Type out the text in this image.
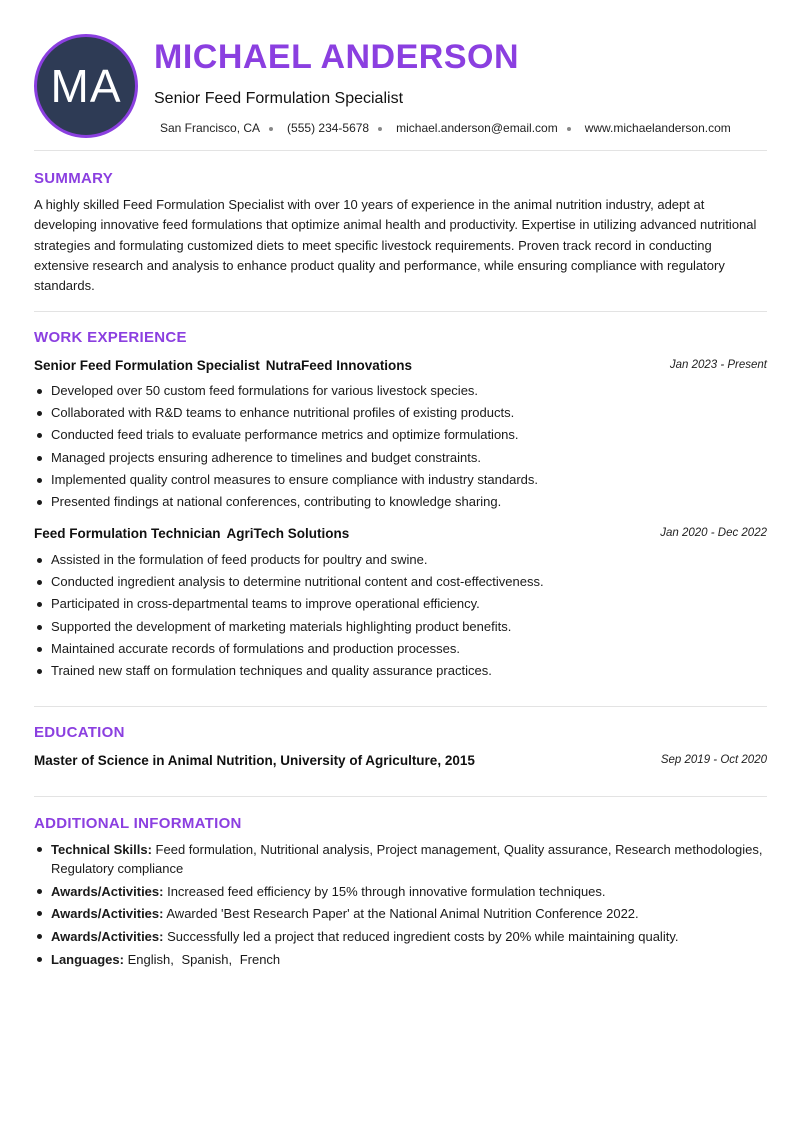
MA
MICHAEL ANDERSON
Senior Feed Formulation Specialist
San Francisco, CA (555) 234-5678 michael.anderson@email.com www.michaelanderson.com
SUMMARY
A highly skilled Feed Formulation Specialist with over 10 years of experience in the animal nutrition industry, adept at developing innovative feed formulations that optimize animal health and productivity. Expertise in utilizing advanced nutritional strategies and formulating customized diets to meet specific livestock requirements. Proven track record in conducting extensive research and analysis to enhance product quality and performance, while ensuring compliance with regulatory standards.
WORK EXPERIENCE
Senior Feed Formulation Specialist NutraFeed Innovations	Jan 2023 - Present
Developed over 50 custom feed formulations for various livestock species.
Collaborated with R&D teams to enhance nutritional profiles of existing products.
Conducted feed trials to evaluate performance metrics and optimize formulations.
Managed projects ensuring adherence to timelines and budget constraints.
Implemented quality control measures to ensure compliance with industry standards.
Presented findings at national conferences, contributing to knowledge sharing.
Feed Formulation Technician AgriTech Solutions	Jan 2020 - Dec 2022
Assisted in the formulation of feed products for poultry and swine.
Conducted ingredient analysis to determine nutritional content and cost-effectiveness.
Participated in cross-departmental teams to improve operational efficiency.
Supported the development of marketing materials highlighting product benefits.
Maintained accurate records of formulations and production processes.
Trained new staff on formulation techniques and quality assurance practices.
EDUCATION
Master of Science in Animal Nutrition, University of Agriculture, 2015	Sep 2019 - Oct 2020
ADDITIONAL INFORMATION
Technical Skills: Feed formulation, Nutritional analysis, Project management, Quality assurance, Research methodologies, Regulatory compliance
Awards/Activities: Increased feed efficiency by 15% through innovative formulation techniques.
Awards/Activities: Awarded 'Best Research Paper' at the National Animal Nutrition Conference 2022.
Awards/Activities: Successfully led a project that reduced ingredient costs by 20% while maintaining quality.
Languages: English, Spanish, French
